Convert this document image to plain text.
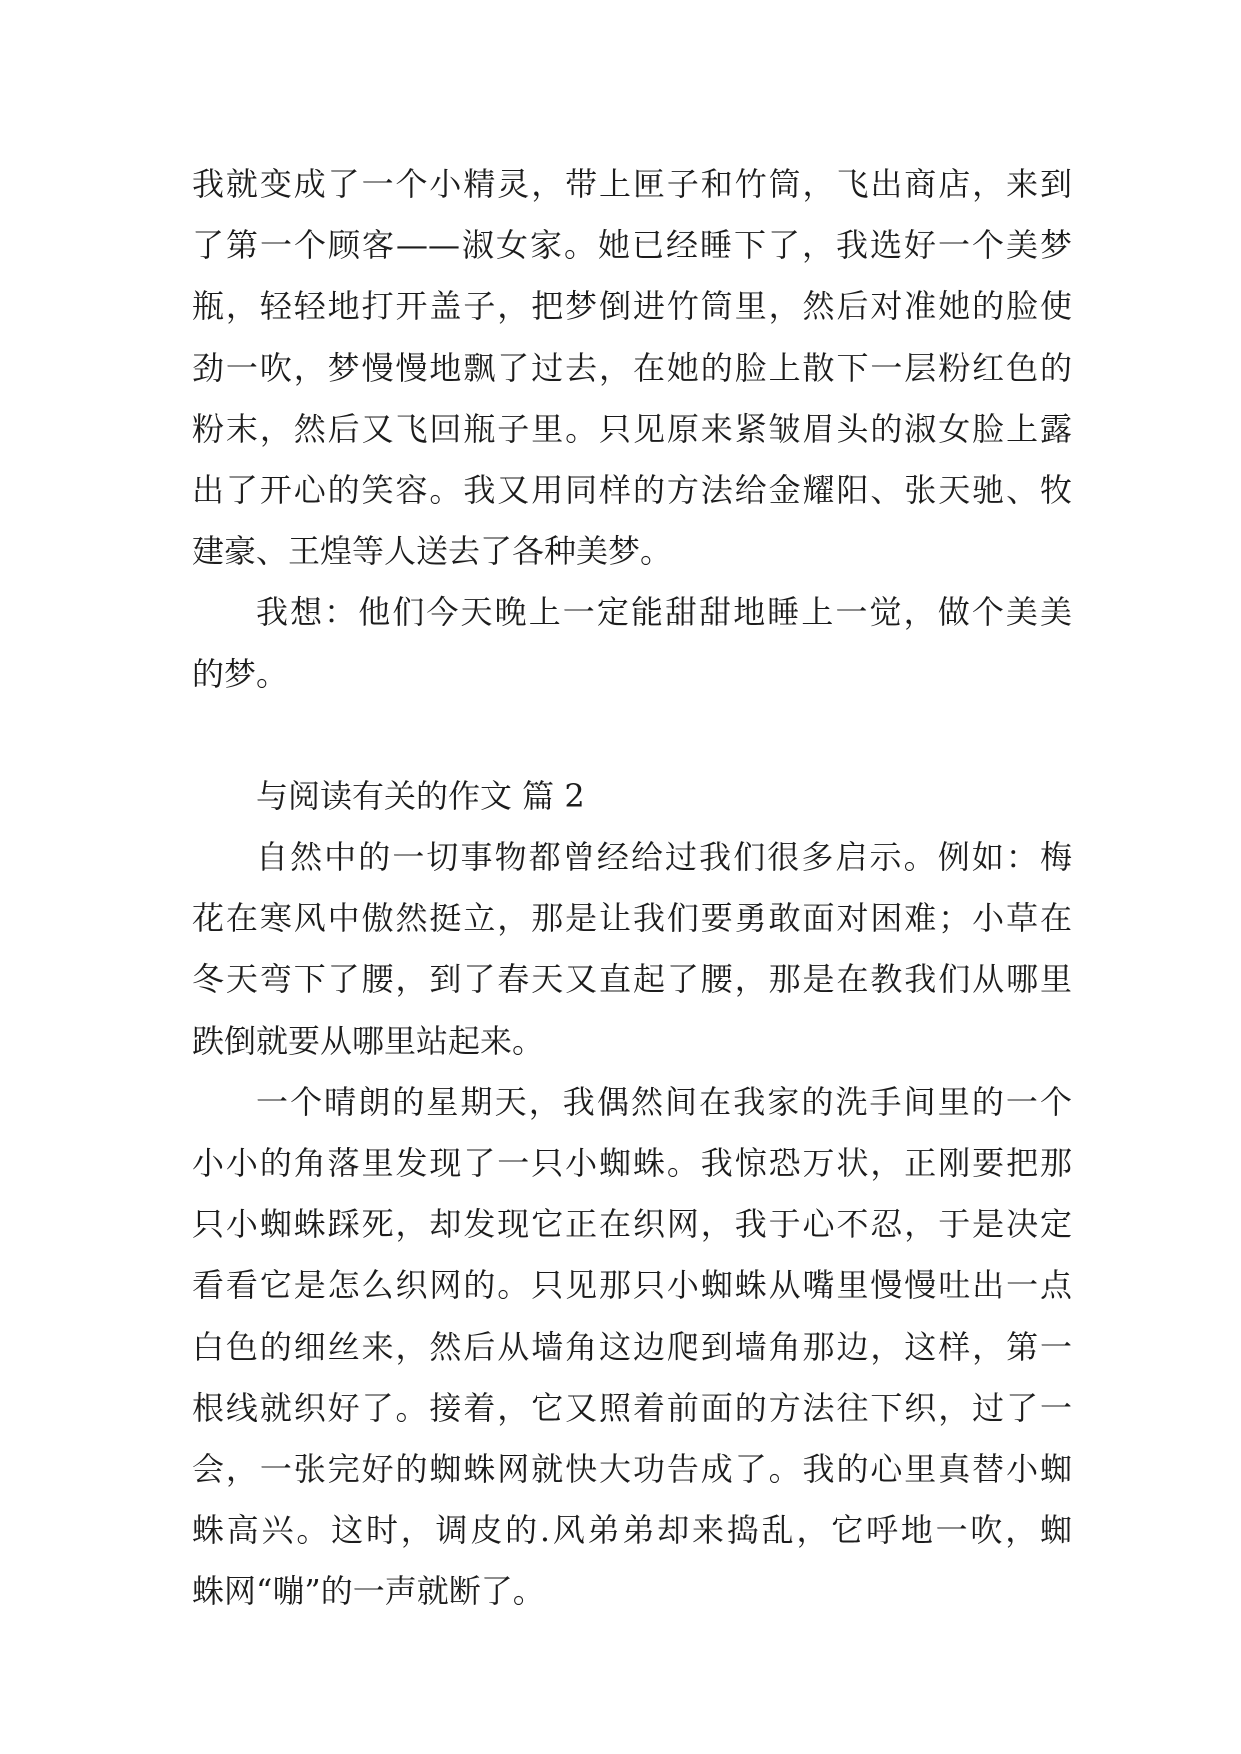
我就变成了一个小精灵，带上匣子和竹筒，飞出商店，来到
了第一个顾客——淑女家。她已经睡下了，我选好一个美梦
瓶，轻轻地打开盖子，把梦倒进竹筒里，然后对准她的脸使
劲一吹，梦慢慢地飘了过去，在她的脸上散下一层粉红色的
粉末，然后又飞回瓶子里。只见原来紧皱眉头的淑女脸上露
出了开心的笑容。我又用同样的方法给金耀阳、张天驰、牧
建豪、王煌等人送去了各种美梦。
我想：他们今天晚上一定能甜甜地睡上一觉，做个美美
的梦。
与阅读有关的作文 篇 2
自然中的一切事物都曾经给过我们很多启示。例如：梅
花在寒风中傲然挺立，那是让我们要勇敢面对困难；小草在
冬天弯下了腰，到了春天又直起了腰，那是在教我们从哪里
跌倒就要从哪里站起来。
一个晴朗的星期天，我偶然间在我家的洗手间里的一个
小小的角落里发现了一只小蜘蛛。我惊恐万状，正刚要把那
只小蜘蛛踩死，却发现它正在织网，我于心不忍，于是决定
看看它是怎么织网的。只见那只小蜘蛛从嘴里慢慢吐出一点
白色的细丝来，然后从墙角这边爬到墙角那边，这样，第一
根线就织好了。接着，它又照着前面的方法往下织，过了一
会，一张完好的蜘蛛网就快大功告成了。我的心里真替小蜘
蛛高兴。这时，调皮的.风弟弟却来捣乱，它呼地一吹，蜘
蛛网“嘣”的一声就断了。
